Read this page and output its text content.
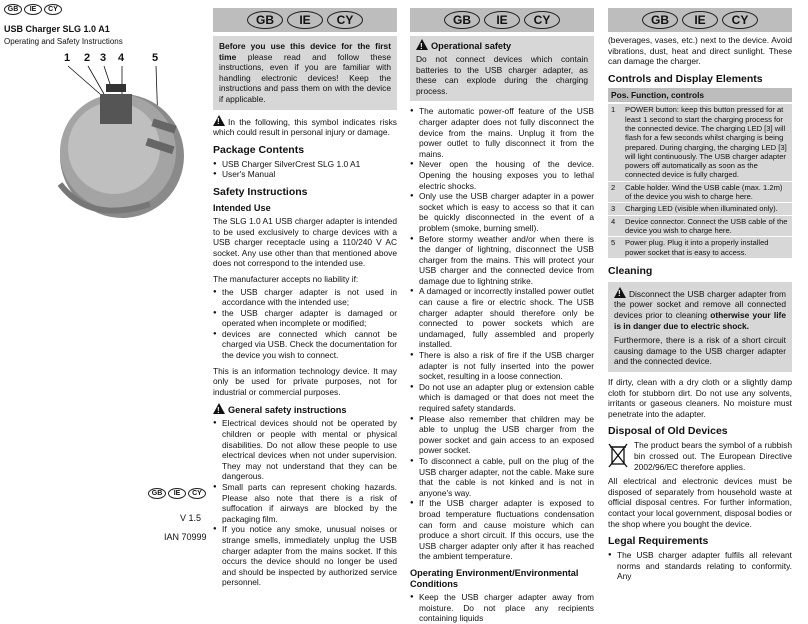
GB	IE	CY
USB Charger SLG 1.0 A1
Operating and Safety Instructions
1 2 3 4	5
GB	IE	CY
V 1.5
IAN 70999
GB	IE	CY
Before you use this device for the first time please read and follow these instructions, even if you are familiar with handling electronic devices! Keep the instructions and pass them on with the device if applicable.

!In the following, this symbol indicates risks which could result in personal injury or damage.

Package Contents
● USB Charger SilverCrest SLG 1.0 A1
● User's Manual
Safety Instructions
Intended Use

The SLG 1.0 A1 USB charger adapter is intended to be used exclusively to charge devices with a USB charger receptacle using a 110/240 V AC socket. Any use other than that mentioned above does not correspond to the intended use.

The manufacturer accepts no liability if:

● the USB charger adapter is not used in accordance with the intended use;
● the USB charger adapter is damaged or operated when incomplete or modified;
● devices are connected which cannot be charged via USB. Check the documentation for the device you wish to connect.

This is an information technology device. It may only be used for private purposes, not for industrial or commercial purposes.

!General safety instructions
● Electrical devices should not be operated by children or people with mental or physical disabilities. Do not allow these people to use electrical devices when not under supervision. They may not understand that they can be dangerous.
● Small parts can represent choking hazards. Please also note that there is a risk of suffocation if airways are blocked by the packaging film.
● If you notice any smoke, unusual noises or strange smells, immediately unplug the USB charger adapter from the mains socket. If this occurs the device should no longer be used and should be inspected by authorized service personnel.
GB	IE	CY
!Operational safety

Do not connect devices which contain batteries to the USB charger adapter, as these can explode during the charging process.

● The automatic power-off feature of the USB charger adapter does not fully disconnect the device from the mains. Unplug it from the power outlet to fully disconnect it from the mains.
● Never open the housing of the device. Opening the housing exposes you to lethal electric shocks.
● Only use the USB charger adapter in a power socket which is easy to access so that it can be quickly disconnected in the event of a problem (smoke, burning smell).
● Before stormy weather and/or when there is the danger of lightning, disconnect the USB charger from the mains. This will protect your USB charger and the connected device from damage due to lightning strike.
● A damaged or incorrectly installed power outlet can cause a fire or electric shock. The USB charger adapter should therefore only be connected to power sockets which are undamaged, fully assembled and properly installed.
● There is also a risk of fire if the USB charger adapter is not fully inserted into the power socket, resulting in a loose connection.
● Do not use an adapter plug or extension cable which is damaged or that does not meet the required safety standards.
● Please also remember that children may be able to unplug the USB charger from the power socket and gain access to an exposed power socket.
● To disconnect a cable, pull on the plug of the USB charger adapter, not the cable. Make sure that the cable is not kinked and is not in anyone's way.
● If the USB charger adapter is exposed to broad temperature fluctuations condensation can form and cause moisture which can produce a short circuit. If this occurs, use the USB charger adapter only after it has reached the ambient temperature.
Operating Environment/Environmental Conditions
● Keep the USB charger adapter away from moisture. Do not place any recipients containing liquids
GB	IE	CY

(beverages, vases, etc.) next to the device. Avoid vibrations, dust, heat and direct sunlight. These can damage the charger.

Controls and Display Elements
Pos. Function, controls
1	POWER button: keep this button pressed for at least 1 second to start the charging process for the connected device. The charging LED [3] will flash for a few seconds whilst charging is being prepared. During charging, the charging LED [3] will light continuously. The USB charger adapter powers off automatically as soon as the connected device is fully charged.
2	Cable holder. Wind the USB cable (max. 1.2m) of the device you wish to charge here.
3	Charging LED (visible when illuminated only).
4	Device connector. Connect the USB cable of the device you wish to charge here.
5	Power plug. Plug it into a properly installed power socket that is easy to access.
Cleaning

!Disconnect the USB charger adapter from the power socket and remove all connected devices prior to cleaning otherwise your life is in danger due to electric shock.

Furthermore, there is a risk of a short circuit causing damage to the USB charger adapter and the connected device.

If dirty, clean with a dry cloth or a slightly damp cloth for stubborn dirt. Do not use any solvents, irritants or gaseous cleaners. No moisture must penetrate into the adapter.

Disposal of Old Devices

The product bears the symbol of a rubbish bin crossed out. The European Directive 2002/96/EC therefore applies.

All electrical and electronic devices must be disposed of separately from household waste at official disposal centres. For further information, contact your local government, disposal bodies or the shop where you bought the device.

Legal Requirements
● The USB charger adapter fulfils all relevant norms and standards relating to conformity. Any
